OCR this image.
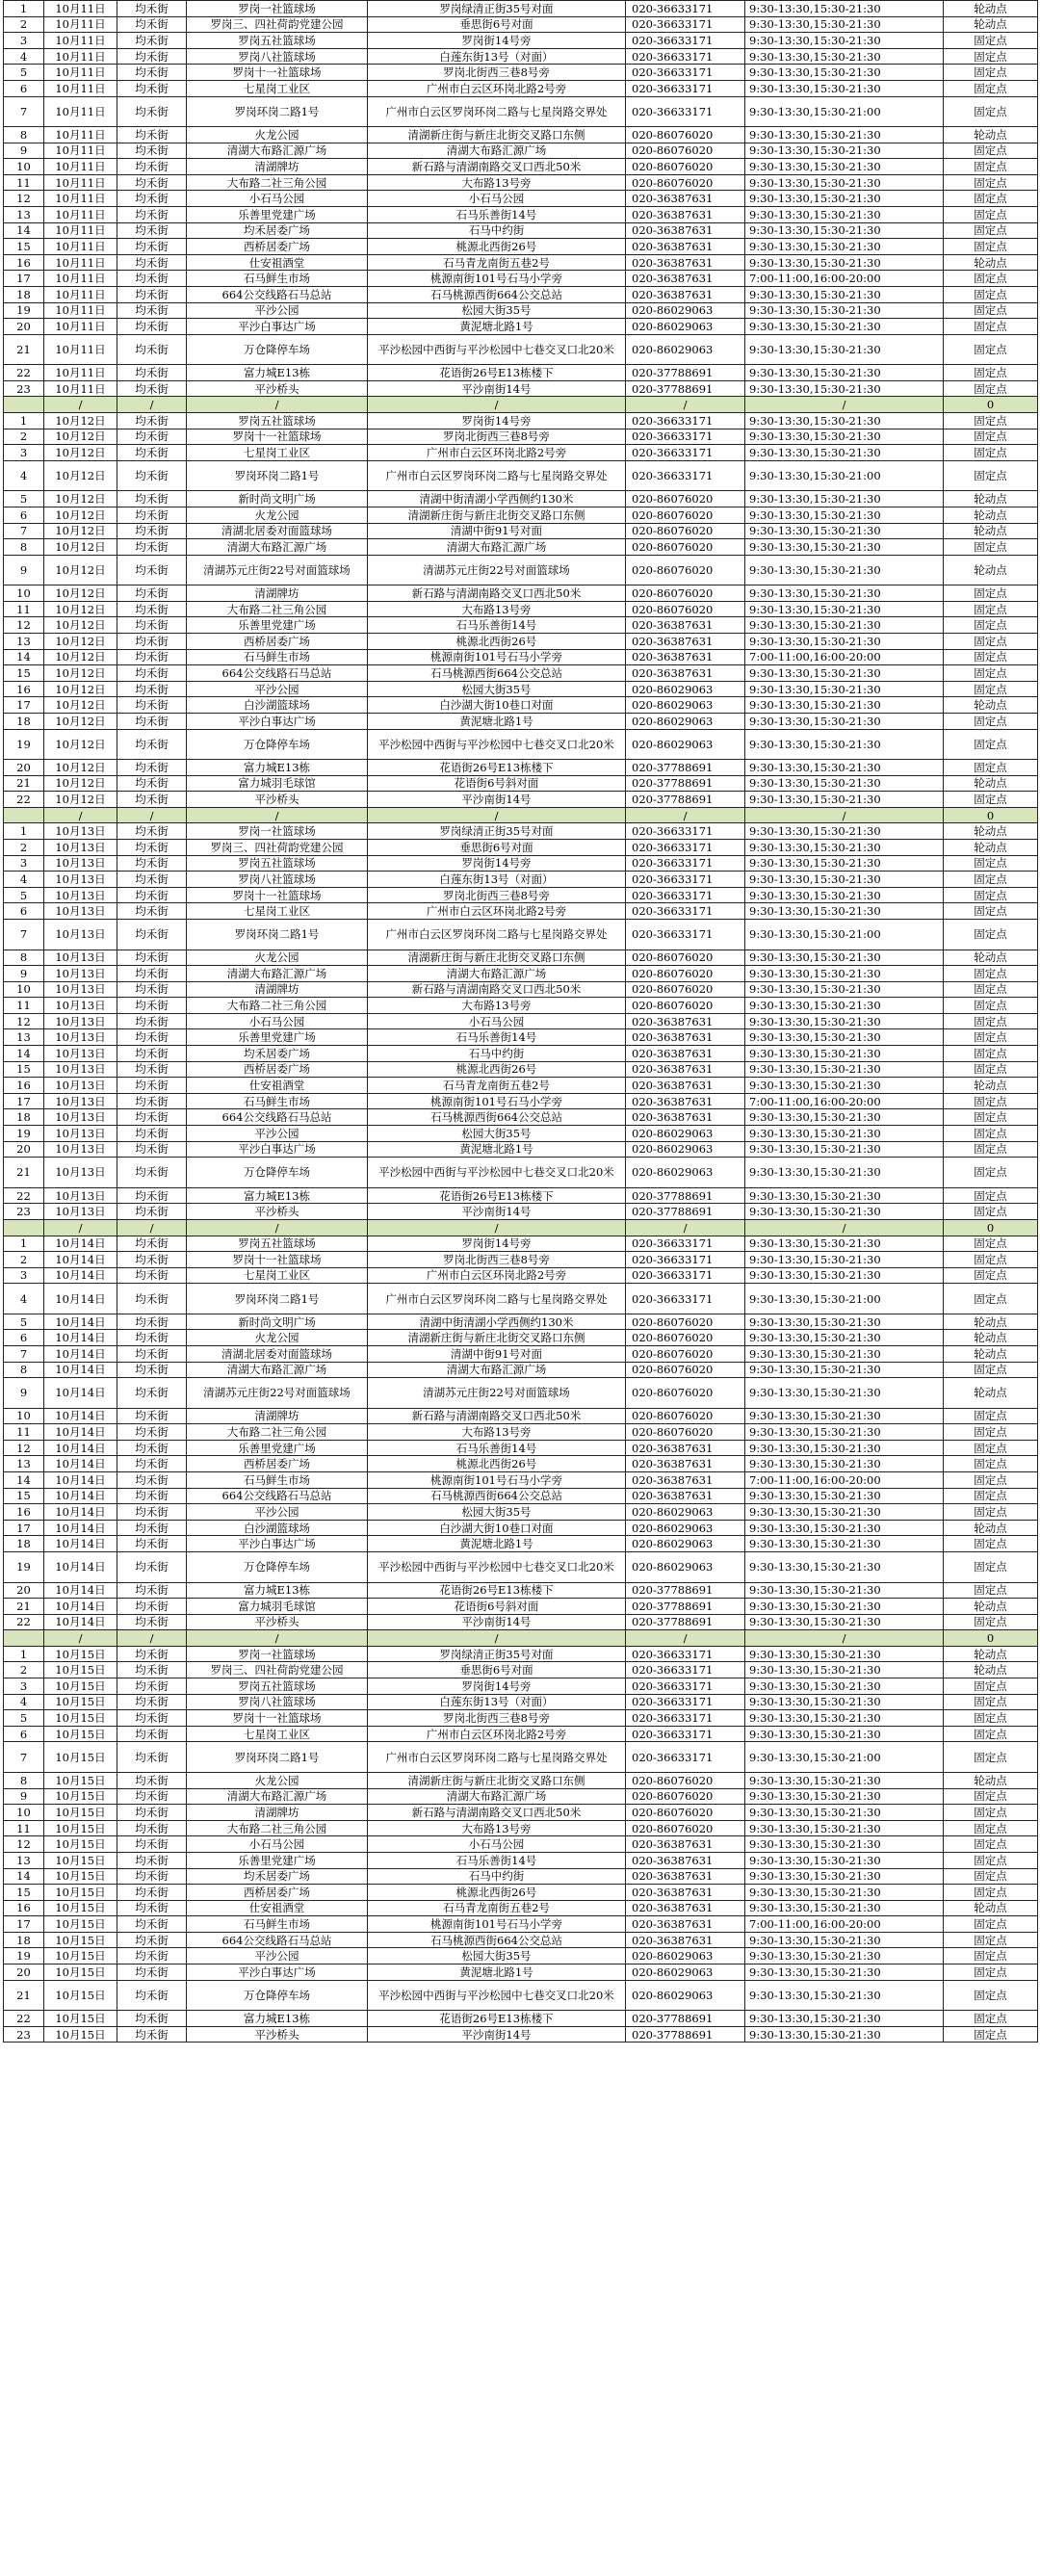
1	10月11日	均禾街	罗岗一社篮球场	罗岗绿清正街35号对面	020-36633171	9:30-13:30,15:30-21:30	轮动点
2	10月11日	均禾街	罗岗三、四社荷韵党建公园	垂思街6号对面	020-36633171	9:30-13:30,15:30-21:30	轮动点
3	10月11日	均禾街	罗岗五社篮球场	罗岗街14号旁	020-36633171	9:30-13:30,15:30-21:30	固定点
4	10月11日	均禾街	罗岗八社篮球场	白莲东街13号（对面）	020-36633171	9:30-13:30,15:30-21:30	固定点
5	10月11日	均禾街	罗岗十一社篮球场	罗岗北街西三巷8号旁	020-36633171	9:30-13:30,15:30-21:30	固定点
6	10月11日	均禾街	七星岗工业区	广州市白云区环岗北路2号旁	020-36633171	9:30-13:30,15:30-21:30	固定点
7	10月11日	均禾街	罗岗环岗二路1号	广州市白云区罗岗环岗二路与七星岗路交界处	020-36633171	9:30-13:30,15:30-21:00	固定点
8	10月11日	均禾街	火龙公园	清湖新庄街与新庄北街交叉路口东侧	020-86076020	9:30-13:30,15:30-21:30	轮动点
9	10月11日	均禾街	清湖大布路汇源广场	清湖大布路汇源广场	020-86076020	9:30-13:30,15:30-21:30	固定点
10	10月11日	均禾街	清湖牌坊	新石路与清湖南路交叉口西北50米	020-86076020	9:30-13:30,15:30-21:30	固定点
11	10月11日	均禾街	大布路二社三角公园	大布路13号旁	020-86076020	9:30-13:30,15:30-21:30	固定点
12	10月11日	均禾街	小石马公园	小石马公园	020-36387631	9:30-13:30,15:30-21:30	固定点
13	10月11日	均禾街	乐善里党建广场	石马乐善街14号	020-36387631	9:30-13:30,15:30-21:30	固定点
14	10月11日	均禾街	均禾居委广场	石马中约街	020-36387631	9:30-13:30,15:30-21:30	固定点
15	10月11日	均禾街	西桥居委广场	桃源北西街26号	020-36387631	9:30-13:30,15:30-21:30	固定点
16	10月11日	均禾街	仕安祖酒堂	石马青龙南街五巷2号	020-36387631	9:30-13:30,15:30-21:30	轮动点
17	10月11日	均禾街	石马鲜生市场	桃源南街101号石马小学旁	020-36387631	7:00-11:00,16:00-20:00	固定点
18	10月11日	均禾街	664公交线路石马总站	石马桃源西街664公交总站	020-36387631	9:30-13:30,15:30-21:30	固定点
19	10月11日	均禾街	平沙公园	松园大街35号	020-86029063	9:30-13:30,15:30-21:30	固定点
20	10月11日	均禾街	平沙白事达广场	黄泥塘北路1号	020-86029063	9:30-13:30,15:30-21:30	固定点
21	10月11日	均禾街	万仓降停车场	平沙松园中西街与平沙松园中七巷交叉口北20米	020-86029063	9:30-13:30,15:30-21:30	固定点
22	10月11日	均禾街	富力城E13栋	花语街26号E13栋楼下	020-37788691	9:30-13:30,15:30-21:30	固定点
23	10月11日	均禾街	平沙桥头	平沙南街14号	020-37788691	9:30-13:30,15:30-21:30	固定点
	/	/	/	/	/	/	0
1	10月12日	均禾街	罗岗五社篮球场	罗岗街14号旁	020-36633171	9:30-13:30,15:30-21:30	固定点
2	10月12日	均禾街	罗岗十一社篮球场	罗岗北街西三巷8号旁	020-36633171	9:30-13:30,15:30-21:30	固定点
3	10月12日	均禾街	七星岗工业区	广州市白云区环岗北路2号旁	020-36633171	9:30-13:30,15:30-21:30	固定点
4	10月12日	均禾街	罗岗环岗二路1号	广州市白云区罗岗环岗二路与七星岗路交界处	020-36633171	9:30-13:30,15:30-21:00	固定点
5	10月12日	均禾街	新时尚文明广场	清湖中街清湖小学西侧约130米	020-86076020	9:30-13:30,15:30-21:30	轮动点
6	10月12日	均禾街	火龙公园	清湖新庄街与新庄北街交叉路口东侧	020-86076020	9:30-13:30,15:30-21:30	轮动点
7	10月12日	均禾街	清湖北居委对面篮球场	清湖中街91号对面	020-86076020	9:30-13:30,15:30-21:30	轮动点
8	10月12日	均禾街	清湖大布路汇源广场	清湖大布路汇源广场	020-86076020	9:30-13:30,15:30-21:30	固定点
9	10月12日	均禾街	清湖苏元庄街22号对面篮球场	清湖苏元庄街22号对面篮球场	020-86076020	9:30-13:30,15:30-21:30	轮动点
10	10月12日	均禾街	清湖牌坊	新石路与清湖南路交叉口西北50米	020-86076020	9:30-13:30,15:30-21:30	固定点
11	10月12日	均禾街	大布路二社三角公园	大布路13号旁	020-86076020	9:30-13:30,15:30-21:30	固定点
12	10月12日	均禾街	乐善里党建广场	石马乐善街14号	020-36387631	9:30-13:30,15:30-21:30	固定点
13	10月12日	均禾街	西桥居委广场	桃源北西街26号	020-36387631	9:30-13:30,15:30-21:30	固定点
14	10月12日	均禾街	石马鲜生市场	桃源南街101号石马小学旁	020-36387631	7:00-11:00,16:00-20:00	固定点
15	10月12日	均禾街	664公交线路石马总站	石马桃源西街664公交总站	020-36387631	9:30-13:30,15:30-21:30	固定点
16	10月12日	均禾街	平沙公园	松园大街35号	020-86029063	9:30-13:30,15:30-21:30	固定点
17	10月12日	均禾街	白沙湖篮球场	白沙湖大街10巷口对面	020-86029063	9:30-13:30,15:30-21:30	轮动点
18	10月12日	均禾街	平沙白事达广场	黄泥塘北路1号	020-86029063	9:30-13:30,15:30-21:30	固定点
19	10月12日	均禾街	万仓降停车场	平沙松园中西街与平沙松园中七巷交叉口北20米	020-86029063	9:30-13:30,15:30-21:30	固定点
20	10月12日	均禾街	富力城E13栋	花语街26号E13栋楼下	020-37788691	9:30-13:30,15:30-21:30	固定点
21	10月12日	均禾街	富力城羽毛球馆	花语街6号斜对面	020-37788691	9:30-13:30,15:30-21:30	轮动点
22	10月12日	均禾街	平沙桥头	平沙南街14号	020-37788691	9:30-13:30,15:30-21:30	固定点
	/	/	/	/	/	/	0
1	10月13日	均禾街	罗岗一社篮球场	罗岗绿清正街35号对面	020-36633171	9:30-13:30,15:30-21:30	轮动点
2	10月13日	均禾街	罗岗三、四社荷韵党建公园	垂思街6号对面	020-36633171	9:30-13:30,15:30-21:30	轮动点
3	10月13日	均禾街	罗岗五社篮球场	罗岗街14号旁	020-36633171	9:30-13:30,15:30-21:30	固定点
4	10月13日	均禾街	罗岗八社篮球场	白莲东街13号（对面）	020-36633171	9:30-13:30,15:30-21:30	固定点
5	10月13日	均禾街	罗岗十一社篮球场	罗岗北街西三巷8号旁	020-36633171	9:30-13:30,15:30-21:30	固定点
6	10月13日	均禾街	七星岗工业区	广州市白云区环岗北路2号旁	020-36633171	9:30-13:30,15:30-21:30	固定点
7	10月13日	均禾街	罗岗环岗二路1号	广州市白云区罗岗环岗二路与七星岗路交界处	020-36633171	9:30-13:30,15:30-21:00	固定点
8	10月13日	均禾街	火龙公园	清湖新庄街与新庄北街交叉路口东侧	020-86076020	9:30-13:30,15:30-21:30	轮动点
9	10月13日	均禾街	清湖大布路汇源广场	清湖大布路汇源广场	020-86076020	9:30-13:30,15:30-21:30	固定点
10	10月13日	均禾街	清湖牌坊	新石路与清湖南路交叉口西北50米	020-86076020	9:30-13:30,15:30-21:30	固定点
11	10月13日	均禾街	大布路二社三角公园	大布路13号旁	020-86076020	9:30-13:30,15:30-21:30	固定点
12	10月13日	均禾街	小石马公园	小石马公园	020-36387631	9:30-13:30,15:30-21:30	固定点
13	10月13日	均禾街	乐善里党建广场	石马乐善街14号	020-36387631	9:30-13:30,15:30-21:30	固定点
14	10月13日	均禾街	均禾居委广场	石马中约街	020-36387631	9:30-13:30,15:30-21:30	固定点
15	10月13日	均禾街	西桥居委广场	桃源北西街26号	020-36387631	9:30-13:30,15:30-21:30	固定点
16	10月13日	均禾街	仕安祖酒堂	石马青龙南街五巷2号	020-36387631	9:30-13:30,15:30-21:30	轮动点
17	10月13日	均禾街	石马鲜生市场	桃源南街101号石马小学旁	020-36387631	7:00-11:00,16:00-20:00	固定点
18	10月13日	均禾街	664公交线路石马总站	石马桃源西街664公交总站	020-36387631	9:30-13:30,15:30-21:30	固定点
19	10月13日	均禾街	平沙公园	松园大街35号	020-86029063	9:30-13:30,15:30-21:30	固定点
20	10月13日	均禾街	平沙白事达广场	黄泥塘北路1号	020-86029063	9:30-13:30,15:30-21:30	固定点
21	10月13日	均禾街	万仓降停车场	平沙松园中西街与平沙松园中七巷交叉口北20米	020-86029063	9:30-13:30,15:30-21:30	固定点
22	10月13日	均禾街	富力城E13栋	花语街26号E13栋楼下	020-37788691	9:30-13:30,15:30-21:30	固定点
23	10月13日	均禾街	平沙桥头	平沙南街14号	020-37788691	9:30-13:30,15:30-21:30	固定点
	/	/	/	/	/	/	0
1	10月14日	均禾街	罗岗五社篮球场	罗岗街14号旁	020-36633171	9:30-13:30,15:30-21:30	固定点
2	10月14日	均禾街	罗岗十一社篮球场	罗岗北街西三巷8号旁	020-36633171	9:30-13:30,15:30-21:30	固定点
3	10月14日	均禾街	七星岗工业区	广州市白云区环岗北路2号旁	020-36633171	9:30-13:30,15:30-21:30	固定点
4	10月14日	均禾街	罗岗环岗二路1号	广州市白云区罗岗环岗二路与七星岗路交界处	020-36633171	9:30-13:30,15:30-21:00	固定点
5	10月14日	均禾街	新时尚文明广场	清湖中街清湖小学西侧约130米	020-86076020	9:30-13:30,15:30-21:30	轮动点
6	10月14日	均禾街	火龙公园	清湖新庄街与新庄北街交叉路口东侧	020-86076020	9:30-13:30,15:30-21:30	轮动点
7	10月14日	均禾街	清湖北居委对面篮球场	清湖中街91号对面	020-86076020	9:30-13:30,15:30-21:30	轮动点
8	10月14日	均禾街	清湖大布路汇源广场	清湖大布路汇源广场	020-86076020	9:30-13:30,15:30-21:30	固定点
9	10月14日	均禾街	清湖苏元庄街22号对面篮球场	清湖苏元庄街22号对面篮球场	020-86076020	9:30-13:30,15:30-21:30	轮动点
10	10月14日	均禾街	清湖牌坊	新石路与清湖南路交叉口西北50米	020-86076020	9:30-13:30,15:30-21:30	固定点
11	10月14日	均禾街	大布路二社三角公园	大布路13号旁	020-86076020	9:30-13:30,15:30-21:30	固定点
12	10月14日	均禾街	乐善里党建广场	石马乐善街14号	020-36387631	9:30-13:30,15:30-21:30	固定点
13	10月14日	均禾街	西桥居委广场	桃源北西街26号	020-36387631	9:30-13:30,15:30-21:30	固定点
14	10月14日	均禾街	石马鲜生市场	桃源南街101号石马小学旁	020-36387631	7:00-11:00,16:00-20:00	固定点
15	10月14日	均禾街	664公交线路石马总站	石马桃源西街664公交总站	020-36387631	9:30-13:30,15:30-21:30	固定点
16	10月14日	均禾街	平沙公园	松园大街35号	020-86029063	9:30-13:30,15:30-21:30	固定点
17	10月14日	均禾街	白沙湖篮球场	白沙湖大街10巷口对面	020-86029063	9:30-13:30,15:30-21:30	轮动点
18	10月14日	均禾街	平沙白事达广场	黄泥塘北路1号	020-86029063	9:30-13:30,15:30-21:30	固定点
19	10月14日	均禾街	万仓降停车场	平沙松园中西街与平沙松园中七巷交叉口北20米	020-86029063	9:30-13:30,15:30-21:30	固定点
20	10月14日	均禾街	富力城E13栋	花语街26号E13栋楼下	020-37788691	9:30-13:30,15:30-21:30	固定点
21	10月14日	均禾街	富力城羽毛球馆	花语街6号斜对面	020-37788691	9:30-13:30,15:30-21:30	轮动点
22	10月14日	均禾街	平沙桥头	平沙南街14号	020-37788691	9:30-13:30,15:30-21:30	固定点
	/	/	/	/	/	/	0
1	10月15日	均禾街	罗岗一社篮球场	罗岗绿清正街35号对面	020-36633171	9:30-13:30,15:30-21:30	轮动点
2	10月15日	均禾街	罗岗三、四社荷韵党建公园	垂思街6号对面	020-36633171	9:30-13:30,15:30-21:30	轮动点
3	10月15日	均禾街	罗岗五社篮球场	罗岗街14号旁	020-36633171	9:30-13:30,15:30-21:30	固定点
4	10月15日	均禾街	罗岗八社篮球场	白莲东街13号（对面）	020-36633171	9:30-13:30,15:30-21:30	固定点
5	10月15日	均禾街	罗岗十一社篮球场	罗岗北街西三巷8号旁	020-36633171	9:30-13:30,15:30-21:30	固定点
6	10月15日	均禾街	七星岗工业区	广州市白云区环岗北路2号旁	020-36633171	9:30-13:30,15:30-21:30	固定点
7	10月15日	均禾街	罗岗环岗二路1号	广州市白云区罗岗环岗二路与七星岗路交界处	020-36633171	9:30-13:30,15:30-21:00	固定点
8	10月15日	均禾街	火龙公园	清湖新庄街与新庄北街交叉路口东侧	020-86076020	9:30-13:30,15:30-21:30	轮动点
9	10月15日	均禾街	清湖大布路汇源广场	清湖大布路汇源广场	020-86076020	9:30-13:30,15:30-21:30	固定点
10	10月15日	均禾街	清湖牌坊	新石路与清湖南路交叉口西北50米	020-86076020	9:30-13:30,15:30-21:30	固定点
11	10月15日	均禾街	大布路二社三角公园	大布路13号旁	020-86076020	9:30-13:30,15:30-21:30	固定点
12	10月15日	均禾街	小石马公园	小石马公园	020-36387631	9:30-13:30,15:30-21:30	固定点
13	10月15日	均禾街	乐善里党建广场	石马乐善街14号	020-36387631	9:30-13:30,15:30-21:30	固定点
14	10月15日	均禾街	均禾居委广场	石马中约街	020-36387631	9:30-13:30,15:30-21:30	固定点
15	10月15日	均禾街	西桥居委广场	桃源北西街26号	020-36387631	9:30-13:30,15:30-21:30	固定点
16	10月15日	均禾街	仕安祖酒堂	石马青龙南街五巷2号	020-36387631	9:30-13:30,15:30-21:30	轮动点
17	10月15日	均禾街	石马鲜生市场	桃源南街101号石马小学旁	020-36387631	7:00-11:00,16:00-20:00	固定点
18	10月15日	均禾街	664公交线路石马总站	石马桃源西街664公交总站	020-36387631	9:30-13:30,15:30-21:30	固定点
19	10月15日	均禾街	平沙公园	松园大街35号	020-86029063	9:30-13:30,15:30-21:30	固定点
20	10月15日	均禾街	平沙白事达广场	黄泥塘北路1号	020-86029063	9:30-13:30,15:30-21:30	固定点
21	10月15日	均禾街	万仓降停车场	平沙松园中西街与平沙松园中七巷交叉口北20米	020-86029063	9:30-13:30,15:30-21:30	固定点
22	10月15日	均禾街	富力城E13栋	花语街26号E13栋楼下	020-37788691	9:30-13:30,15:30-21:30	固定点
23	10月15日	均禾街	平沙桥头	平沙南街14号	020-37788691	9:30-13:30,15:30-21:30	固定点
